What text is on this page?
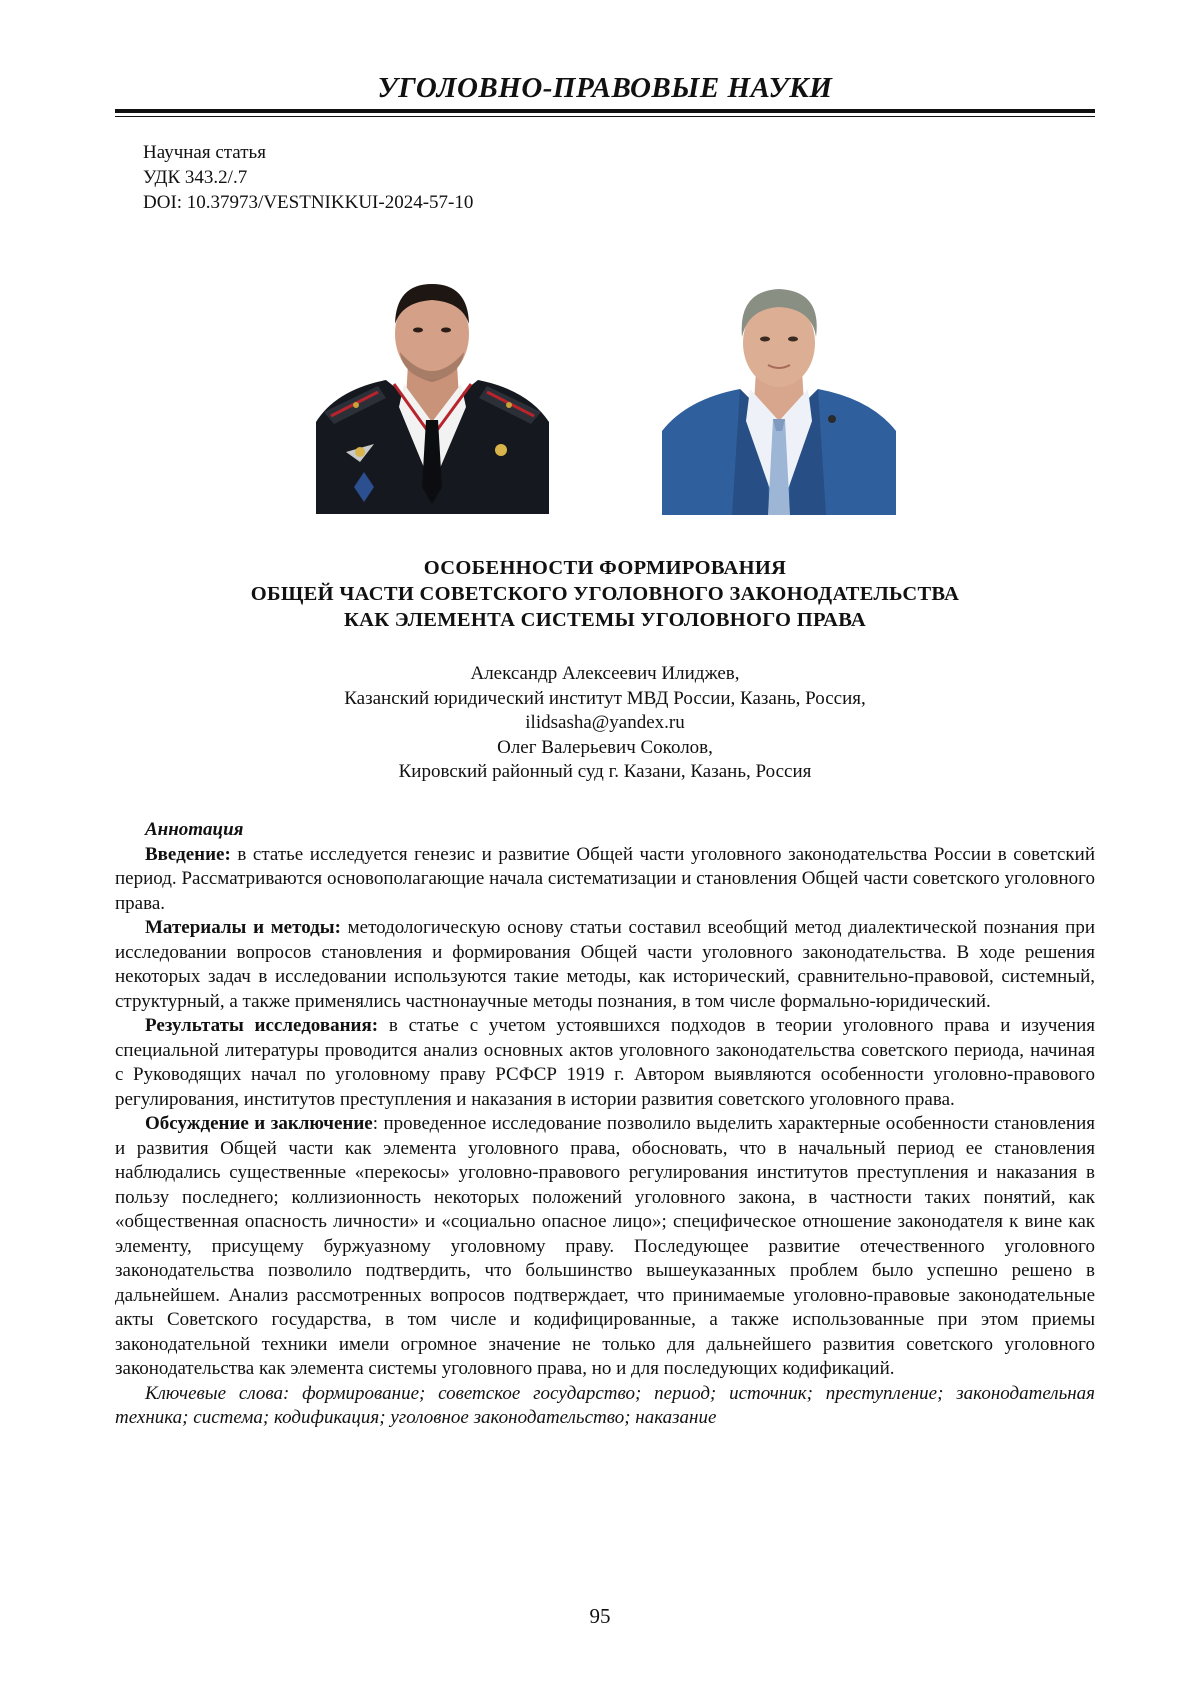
УГОЛОВНО-ПРАВОВЫЕ НАУКИ
Научная статья
УДК 343.2/.7
DOI: 10.37973/VESTNIKKUI-2024-57-10
ОСОБЕННОСТИ ФОРМИРОВАНИЯ
ОБЩЕЙ ЧАСТИ СОВЕТСКОГО УГОЛОВНОГО ЗАКОНОДАТЕЛЬСТВА
КАК ЭЛЕМЕНТА СИСТЕМЫ УГОЛОВНОГО ПРАВА
Александр Алексеевич Илиджев,
Казанский юридический институт МВД России, Казань, Россия,
ilidsasha@yandex.ru
Олег Валерьевич Соколов,
Кировский районный суд г. Казани, Казань, Россия
Аннотация

Введение: в статье исследуется генезис и развитие Общей части уголовного законодательства России в советский период. Рассматриваются основополагающие начала систематизации и становления Общей части советского уголовного права.

Материалы и методы: методологическую основу статьи составил всеобщий метод диалектической познания при исследовании вопросов становления и формирования Общей части уголовного законодательства. В ходе решения некоторых задач в исследовании используются такие методы, как исторический, сравнительно-правовой, системный, структурный, а также применялись частнонаучные методы познания, в том числе формально-юридический.

Результаты исследования: в статье с учетом устоявшихся подходов в теории уголовного права и изучения специальной литературы проводится анализ основных актов уголовного законодательства советского периода, начиная с Руководящих начал по уголовному праву РСФСР 1919 г. Автором выявляются особенности уголовно-правового регулирования, институтов преступления и наказания в истории развития советского уголовного права.

Обсуждение и заключение: проведенное исследование позволило выделить характерные особенности становления и развития Общей части как элемента уголовного права, обосновать, что в начальный период ее становления наблюдались существенные «перекосы» уголовно-правового регулирования институтов преступления и наказания в пользу последнего; коллизионность некоторых положений уголовного закона, в частности таких понятий, как «общественная опасность личности» и «социально опасное лицо»; специфическое отношение законодателя к вине как элементу, присущему буржуазному уголовному праву. Последующее развитие отечественного уголовного законодательства позволило подтвердить, что большинство вышеуказанных проблем было успешно решено в дальнейшем. Анализ рассмотренных вопросов подтверждает, что принимаемые уголовно-правовые законодательные акты Советского государства, в том числе и кодифицированные, а также использованные при этом приемы законодательной техники имели огромное значение не только для дальнейшего развития советского уголовного законодательства как элемента системы уголовного права, но и для последующих кодификаций.

Ключевые слова: формирование; советское государство; период; источник; преступление; законодательная техника; система; кодификация; уголовное законодательство; наказание

95
